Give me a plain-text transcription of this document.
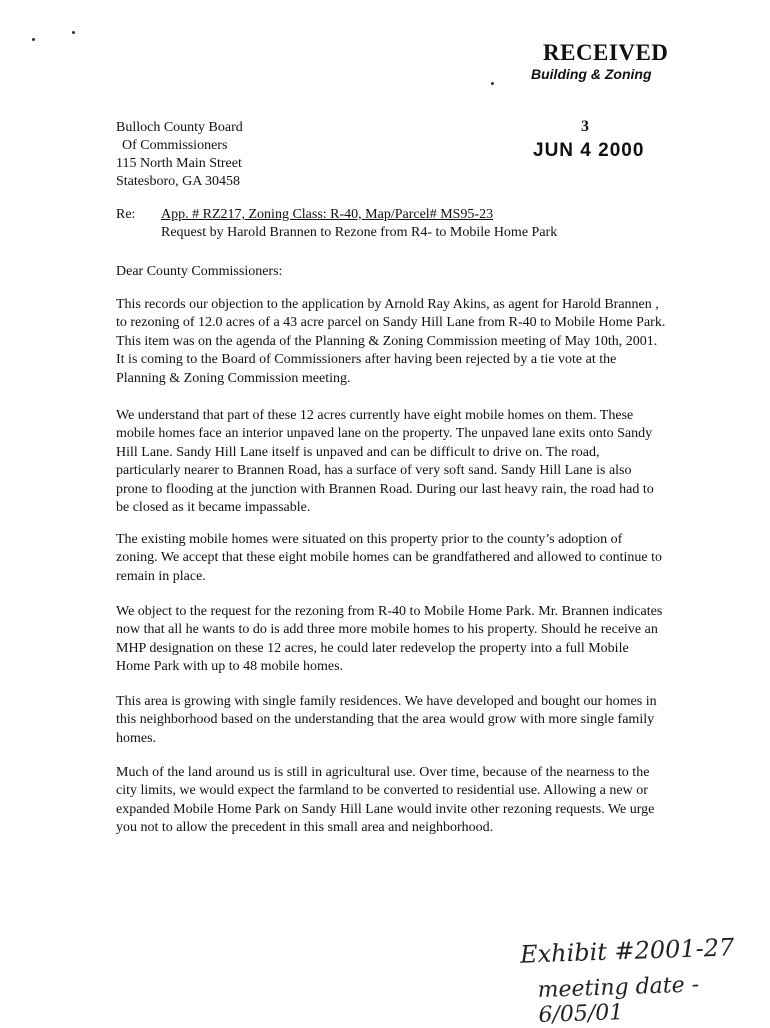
RECEIVED
Building & Zoning
3
JUN 4 2000
Bulloch County Board
Of Commissioners
115 North Main Street
Statesboro, GA 30458
Re: App. # RZ217, Zoning Class: R-40, Map/Parcel# MS95-23
Request by Harold Brannen to Rezone from R4- to Mobile Home Park
Dear County Commissioners:

This records our objection to the application by Arnold Ray Akins, as agent for Harold Brannen , to rezoning of 12.0 acres of a 43 acre parcel on Sandy Hill Lane from R-40 to Mobile Home Park. This item was on the agenda of the Planning & Zoning Commission meeting of May 10th, 2001. It is coming to the Board of Commissioners after having been rejected by a tie vote at the Planning & Zoning Commission meeting.

We understand that part of these 12 acres currently have eight mobile homes on them. These mobile homes face an interior unpaved lane on the property. The unpaved lane exits onto Sandy Hill Lane. Sandy Hill Lane itself is unpaved and can be difficult to drive on. The road, particularly nearer to Brannen Road, has a surface of very soft sand. Sandy Hill Lane is also prone to flooding at the junction with Brannen Road. During our last heavy rain, the road had to be closed as it became impassable.

The existing mobile homes were situated on this property prior to the county’s adoption of zoning. We accept that these eight mobile homes can be grandfathered and allowed to continue to remain in place.

We object to the request for the rezoning from R-40 to Mobile Home Park. Mr. Brannen indicates now that all he wants to do is add three more mobile homes to his property. Should he receive an MHP designation on these 12 acres, he could later redevelop the property into a full Mobile Home Park with up to 48 mobile homes.

This area is growing with single family residences. We have developed and bought our homes in this neighborhood based on the understanding that the area would grow with more single family homes.

Much of the land around us is still in agricultural use. Over time, because of the nearness to the city limits, we would expect the farmland to be converted to residential use. Allowing a new or expanded Mobile Home Park on Sandy Hill Lane would invite other rezoning requests. We urge you not to allow the precedent in this small area and neighborhood.

Exhibit #2001-27
meeting date - 6/05/01
